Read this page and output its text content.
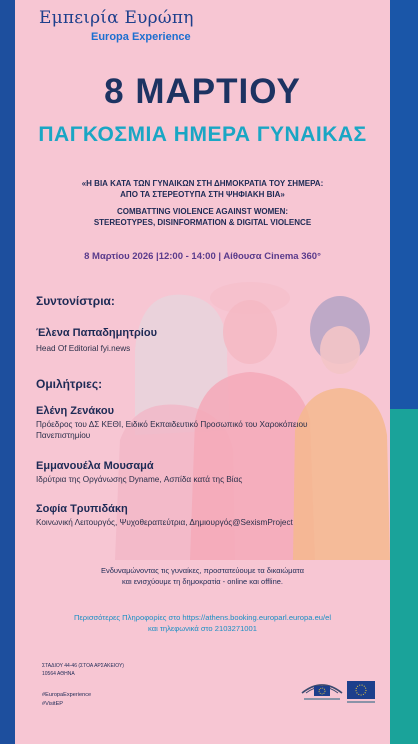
Εμπειρία Ευρώπη
Europa Experience
8 ΜΑΡΤΙΟΥ
ΠΑΓΚΟΣΜΙΑ ΗΜΕΡΑ ΓΥΝΑΙΚΑΣ
«Η ΒΙΑ ΚΑΤΑ ΤΩΝ ΓΥΝΑΙΚΩΝ ΣΤΗ ΔΗΜΟΚΡΑΤΙΑ ΤΟΥ ΣΗΜΕΡΑ:
ΑΠΟ ΤΑ ΣΤΕΡΕΟΤΥΠΑ ΣΤΗ ΨΗΦΙΑΚΗ ΒΙΑ»
COMBATTING VIOLENCE AGAINST WOMEN:
STEREOTYPES, DISINFORMATION & DIGITAL VIOLENCE
8 Μαρτίου 2026 |12:00 - 14:00 | Αίθουσα Cinema 360°
Συντονίστρια:
Έλενα Παπαδημητρίου
Head Of Editorial fyi.news
Ομιλήτριες:
Ελένη Ζενάκου
Πρόεδρος του ΔΣ ΚΕΘΙ, Ειδικό Εκπαιδευτικό Προσωπικό του Χαροκόπειου
Πανεπιστημίου
Εμμανουέλα Μουσαμά
Ιδρύτρια της Οργάνωσης Dyname, Ασπίδα κατά της Βίας
Σοφία Τρυπιδάκη
Κοινωνική Λειτουργός, Ψυχοθεραπεύτρια, Δημιουργός@SexismProject
Ενδυναμώνοντας τις γυναίκες, προστατεύουμε τα δικαιώματα
και ενισχύουμε τη δημοκρατία - online και offline.
Περισσότερες Πληροφορίες στο https://athens.booking.europarl.europa.eu/el
και τηλεφωνικά στο 2103271001
ΣΤΑΔΙΟΥ 44-46 (ΣΤΟΑ ΑΡΣΑΚΕΙΟΥ)
10564 ΑΘΗΝΑ
#EuropaExperience
#VisitEP
